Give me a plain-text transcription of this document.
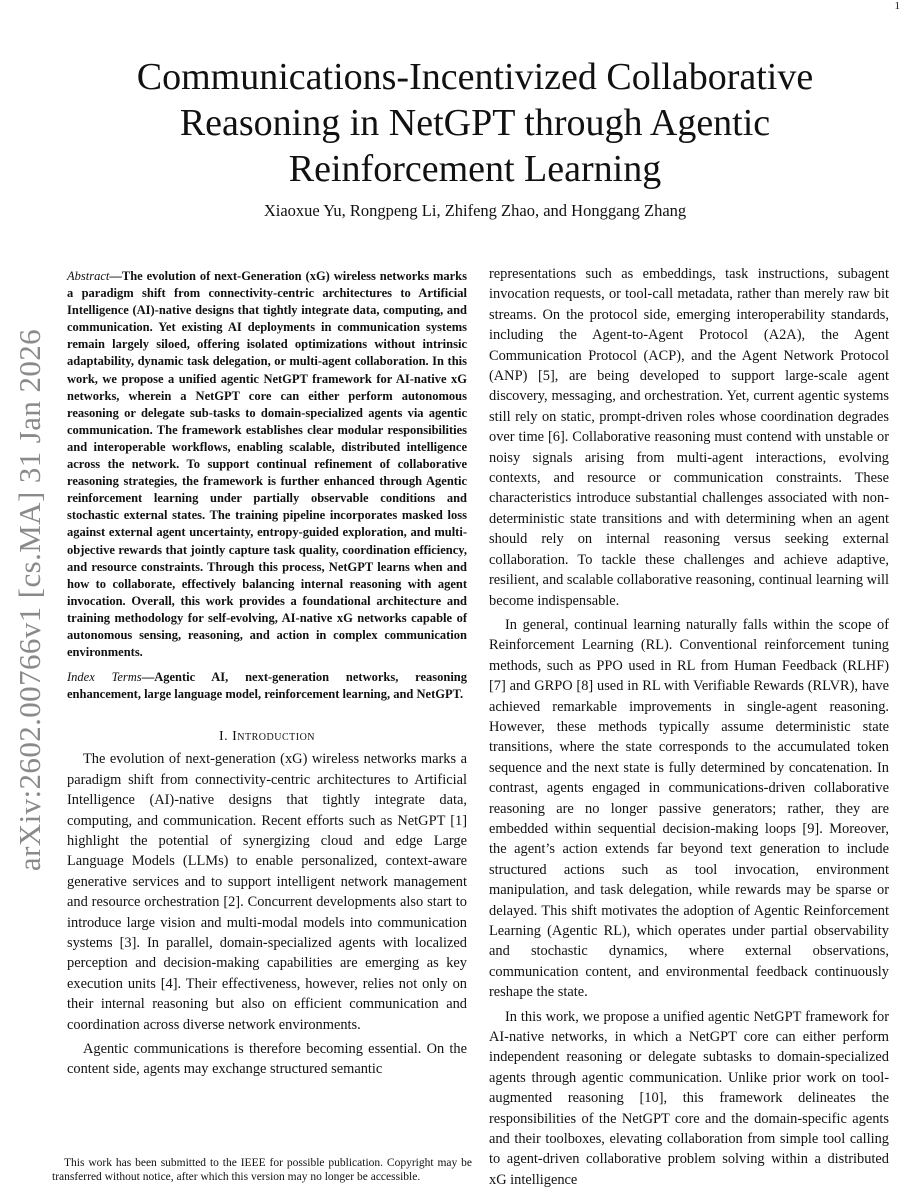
1
arXiv:2602.00766v1 [cs.MA] 31 Jan 2026
Communications-Incentivized Collaborative Reasoning in NetGPT through Agentic Reinforcement Learning
Xiaoxue Yu, Rongpeng Li, Zhifeng Zhao, and Honggang Zhang

Abstract—The evolution of next-Generation (xG) wireless networks marks a paradigm shift from connectivity-centric architectures to Artificial Intelligence (AI)-native designs that tightly integrate data, computing, and communication. Yet existing AI deployments in communication systems remain largely siloed, offering isolated optimizations without intrinsic adaptability, dynamic task delegation, or multi-agent collaboration. In this work, we propose a unified agentic NetGPT framework for AI-native xG networks, wherein a NetGPT core can either perform autonomous reasoning or delegate sub-tasks to domain-specialized agents via agentic communication. The framework establishes clear modular responsibilities and interoperable workflows, enabling scalable, distributed intelligence across the network. To support continual refinement of collaborative reasoning strategies, the framework is further enhanced through Agentic reinforcement learning under partially observable conditions and stochastic external states. The training pipeline incorporates masked loss against external agent uncertainty, entropy-guided exploration, and multi-objective rewards that jointly capture task quality, coordination efficiency, and resource constraints. Through this process, NetGPT learns when and how to collaborate, effectively balancing internal reasoning with agent invocation. Overall, this work provides a foundational architecture and training methodology for self-evolving, AI-native xG networks capable of autonomous sensing, reasoning, and action in complex communication environments.

Index Terms—Agentic AI, next-generation networks, reasoning enhancement, large language model, reinforcement learning, and NetGPT.

I. Introduction

The evolution of next-generation (xG) wireless networks marks a paradigm shift from connectivity-centric architectures to Artificial Intelligence (AI)-native designs that tightly integrate data, computing, and communication. Recent efforts such as NetGPT [1] highlight the potential of synergizing cloud and edge Large Language Models (LLMs) to enable personalized, context-aware generative services and to support intelligent network management and resource orchestration [2]. Concurrent developments also start to introduce large vision and multi-modal models into communication systems [3]. In parallel, domain-specialized agents with localized perception and decision-making capabilities are emerging as key execution units [4]. Their effectiveness, however, relies not only on their internal reasoning but also on efficient communication and coordination across diverse network environments.

Agentic communications is therefore becoming essential. On the content side, agents may exchange structured semantic

representations such as embeddings, task instructions, subagent invocation requests, or tool-call metadata, rather than merely raw bit streams. On the protocol side, emerging interoperability standards, including the Agent-to-Agent Protocol (A2A), the Agent Communication Protocol (ACP), and the Agent Network Protocol (ANP) [5], are being developed to support large-scale agent discovery, messaging, and orchestration. Yet, current agentic systems still rely on static, prompt-driven roles whose coordination degrades over time [6]. Collaborative reasoning must contend with unstable or noisy signals arising from multi-agent interactions, evolving contexts, and resource or communication constraints. These characteristics introduce substantial challenges associated with non-deterministic state transitions and with determining when an agent should rely on internal reasoning versus seeking external collaboration. To tackle these challenges and achieve adaptive, resilient, and scalable collaborative reasoning, continual learning will become indispensable.

In general, continual learning naturally falls within the scope of Reinforcement Learning (RL). Conventional reinforcement tuning methods, such as PPO used in RL from Human Feedback (RLHF) [7] and GRPO [8] used in RL with Verifiable Rewards (RLVR), have achieved remarkable improvements in single-agent reasoning. However, these methods typically assume deterministic state transitions, where the state corresponds to the accumulated token sequence and the next state is fully determined by concatenation. In contrast, agents engaged in communications-driven collaborative reasoning are no longer passive generators; rather, they are embedded within sequential decision-making loops [9]. Moreover, the agent’s action extends far beyond text generation to include structured actions such as tool invocation, environment manipulation, and task delegation, while rewards may be sparse or delayed. This shift motivates the adoption of Agentic Reinforcement Learning (Agentic RL), which operates under partial observability and stochastic dynamics, where external observations, communication content, and environmental feedback continuously reshape the state.

In this work, we propose a unified agentic NetGPT framework for AI-native networks, in which a NetGPT core can either perform independent reasoning or delegate subtasks to domain-specialized agents through agentic communication. Unlike prior work on tool-augmented reasoning [10], this framework delineates the responsibilities of the NetGPT core and the domain-specific agents and their toolboxes, elevating collaboration from simple tool calling to agent-driven collaborative problem solving within a distributed xG intelligence

This work has been submitted to the IEEE for possible publication. Copyright may be transferred without notice, after which this version may no longer be accessible.
